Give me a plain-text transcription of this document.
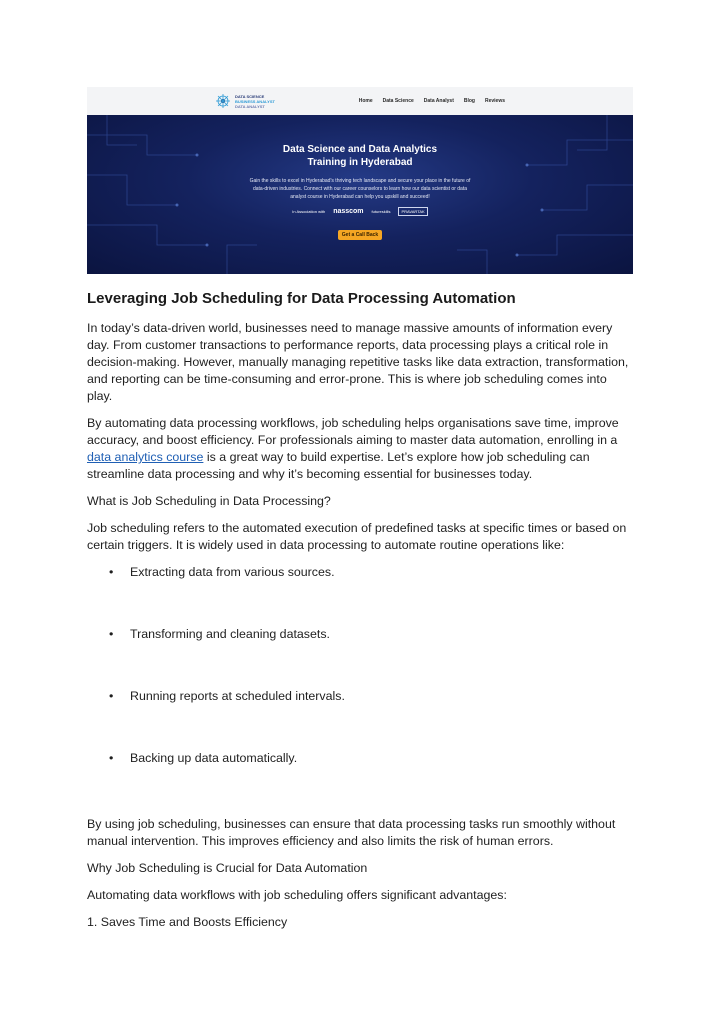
DATA SCIENCE
BUSINESS ANALYST
DATA ANALYST
Home Data Science Data Analyst Blog Reviews
Data Science and Data Analytics
Training in Hyderabad
Gain the skills to excel in Hyderabad's thriving tech landscape and secure your place in the future of data-driven industries. Connect with our career counselors to learn how our data scientist or data analyst course in Hyderabad can help you upskill and succeed!
In Association with nasscom futureskills	PRAVARTAK
Get a Call Back
Leveraging Job Scheduling for Data Processing Automation

In today’s data-driven world, businesses need to manage massive amounts of information every day. From customer transactions to performance reports, data processing plays a critical role in decision-making. However, manually managing repetitive tasks like data extraction, transformation, and reporting can be time-consuming and error-prone. This is where job scheduling comes into play.

By automating data processing workflows, job scheduling helps organisations save time, improve accuracy, and boost efficiency. For professionals aiming to master data automation, enrolling in a data analytics course is a great way to build expertise. Let’s explore how job scheduling can streamline data processing and why it’s becoming essential for businesses today.

What is Job Scheduling in Data Processing?

Job scheduling refers to the automated execution of predefined tasks at specific times or based on certain triggers. It is widely used in data processing to automate routine operations like:

• Extracting data from various sources.
• Transforming and cleaning datasets.
• Running reports at scheduled intervals.
• Backing up data automatically.

By using job scheduling, businesses can ensure that data processing tasks run smoothly without manual intervention. This improves efficiency and also limits the risk of human errors.

Why Job Scheduling is Crucial for Data Automation

Automating data workflows with job scheduling offers significant advantages:

1. Saves Time and Boosts Efficiency
